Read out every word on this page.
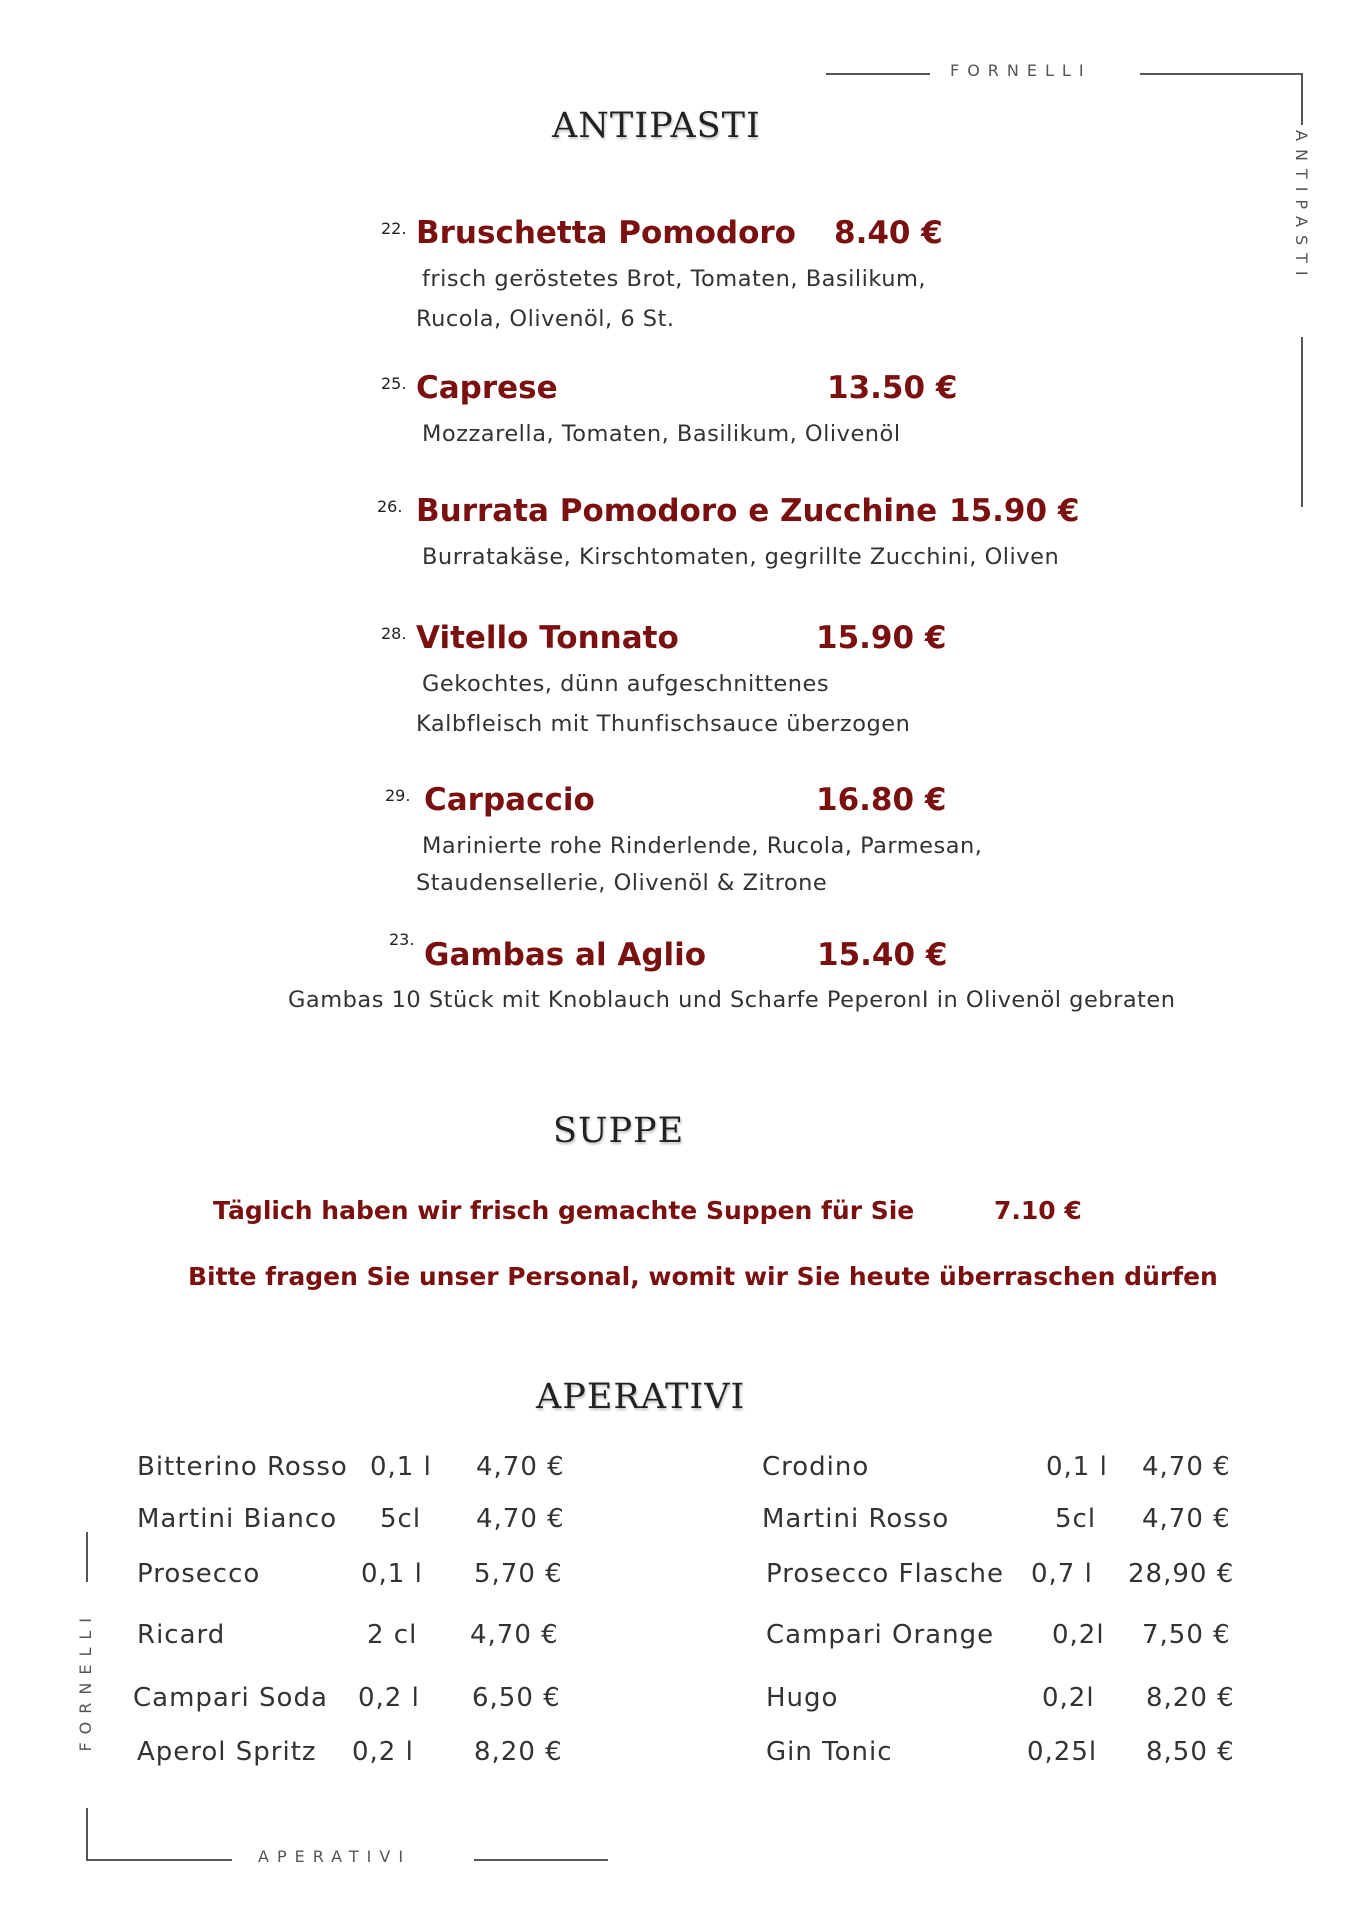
FORNELLI
ANTIPASTI
FORNELLI
APERATIVI
ANTIPASTI
22. Bruschetta Pomodoro 8.40 €
frisch geröstetes Brot, Tomaten, Basilikum,
Rucola, Olivenöl, 6 St.
25. Caprese	13.50 €
Mozzarella, Tomaten, Basilikum, Olivenöl
26. Burrata Pomodoro e Zucchine 15.90 €
Burratakäse, Kirschtomaten, gegrillte Zucchini, Oliven
28. Vitello Tonnato	15.90 €
Gekochtes, dünn aufgeschnittenes
Kalbfleisch mit Thunfischsauce überzogen
29. Carpaccio	16.80 €
Marinierte rohe Rinderlende, Rucola, Parmesan,
Staudensellerie, Olivenöl & Zitrone
23. Gambas al Aglio	15.40 €
Gambas 10 Stück mit Knoblauch und Scharfe PeperonI in Olivenöl gebraten
SUPPE
Täglich haben wir frisch gemachte Suppen für Sie	7.10 €
Bitte fragen Sie unser Personal, womit wir Sie heute überraschen dürfen
APERATIVI
Bitterino Rosso 0,1 l 4,70 €
Martini Bianco 5cl 4,70 €
Prosecco	0,1 l 5,70 €
Ricard	2 cl 4,70 €
Campari Soda 0,2 l 6,50 €
Aperol Spritz 0,2 l 8,20 €
Crodino	0,1 l 4,70 €
Martini Rosso	5cl 4,70 €
Prosecco Flasche 0,7 l 28,90 €
Campari Orange 0,2l 7,50 €
Hugo	0,2l 8,20 €
Gin Tonic	0,25l 8,50 €
